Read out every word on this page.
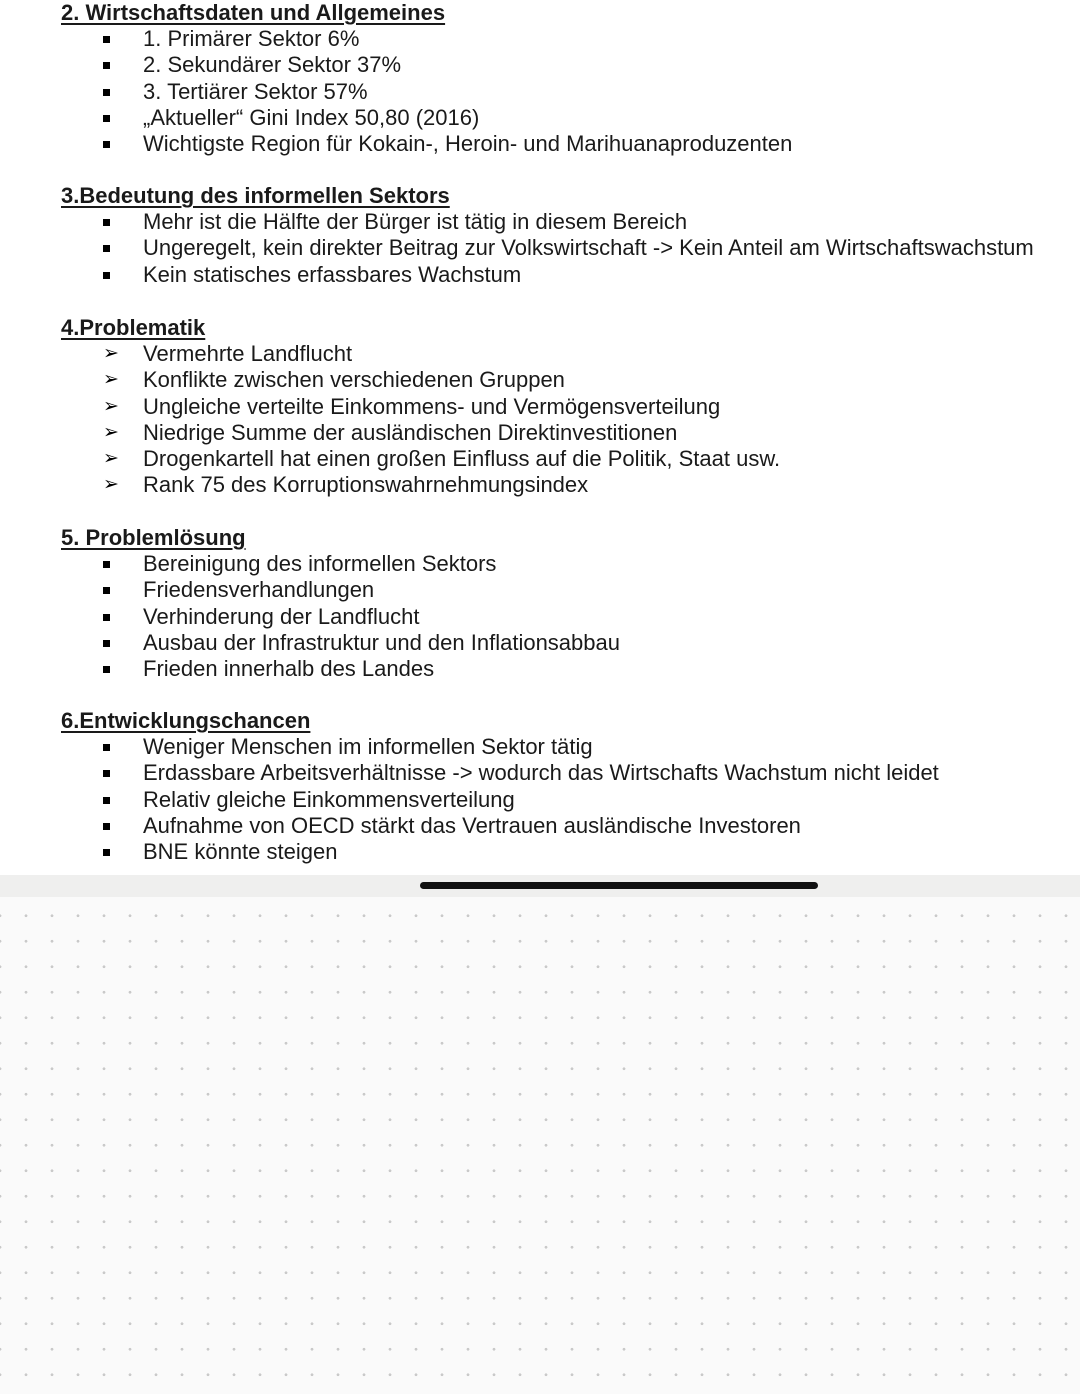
2. Wirtschaftsdaten und Allgemeines
1. Primärer Sektor 6%
2. Sekundärer Sektor 37%
3. Tertiärer Sektor 57%
„Aktueller“ Gini Index 50,80 (2016)
Wichtigste Region für Kokain-, Heroin- und Marihuanaproduzenten
3.Bedeutung des informellen Sektors
Mehr ist die Hälfte der Bürger ist tätig in diesem Bereich
Ungeregelt, kein direkter Beitrag zur Volkswirtschaft -> Kein Anteil am Wirtschaftswachstum
Kein statisches erfassbares Wachstum
4.Problematik
➢ Vermehrte Landflucht
➢ Konflikte zwischen verschiedenen Gruppen
➢ Ungleiche verteilte Einkommens- und Vermögensverteilung
➢ Niedrige Summe der ausländischen Direktinvestitionen
➢ Drogenkartell hat einen großen Einfluss auf die Politik, Staat usw.
➢ Rank 75 des Korruptionswahrnehmungsindex
5. Problemlösung
Bereinigung des informellen Sektors
Friedensverhandlungen
Verhinderung der Landflucht
Ausbau der Infrastruktur und den Inflationsabbau
Frieden innerhalb des Landes
6.Entwicklungschancen
Weniger Menschen im informellen Sektor tätig
Erdassbare Arbeitsverhältnisse -> wodurch das Wirtschafts Wachstum nicht leidet
Relativ gleiche Einkommensverteilung
Aufnahme von OECD stärkt das Vertrauen ausländische Investoren
BNE könnte steigen
